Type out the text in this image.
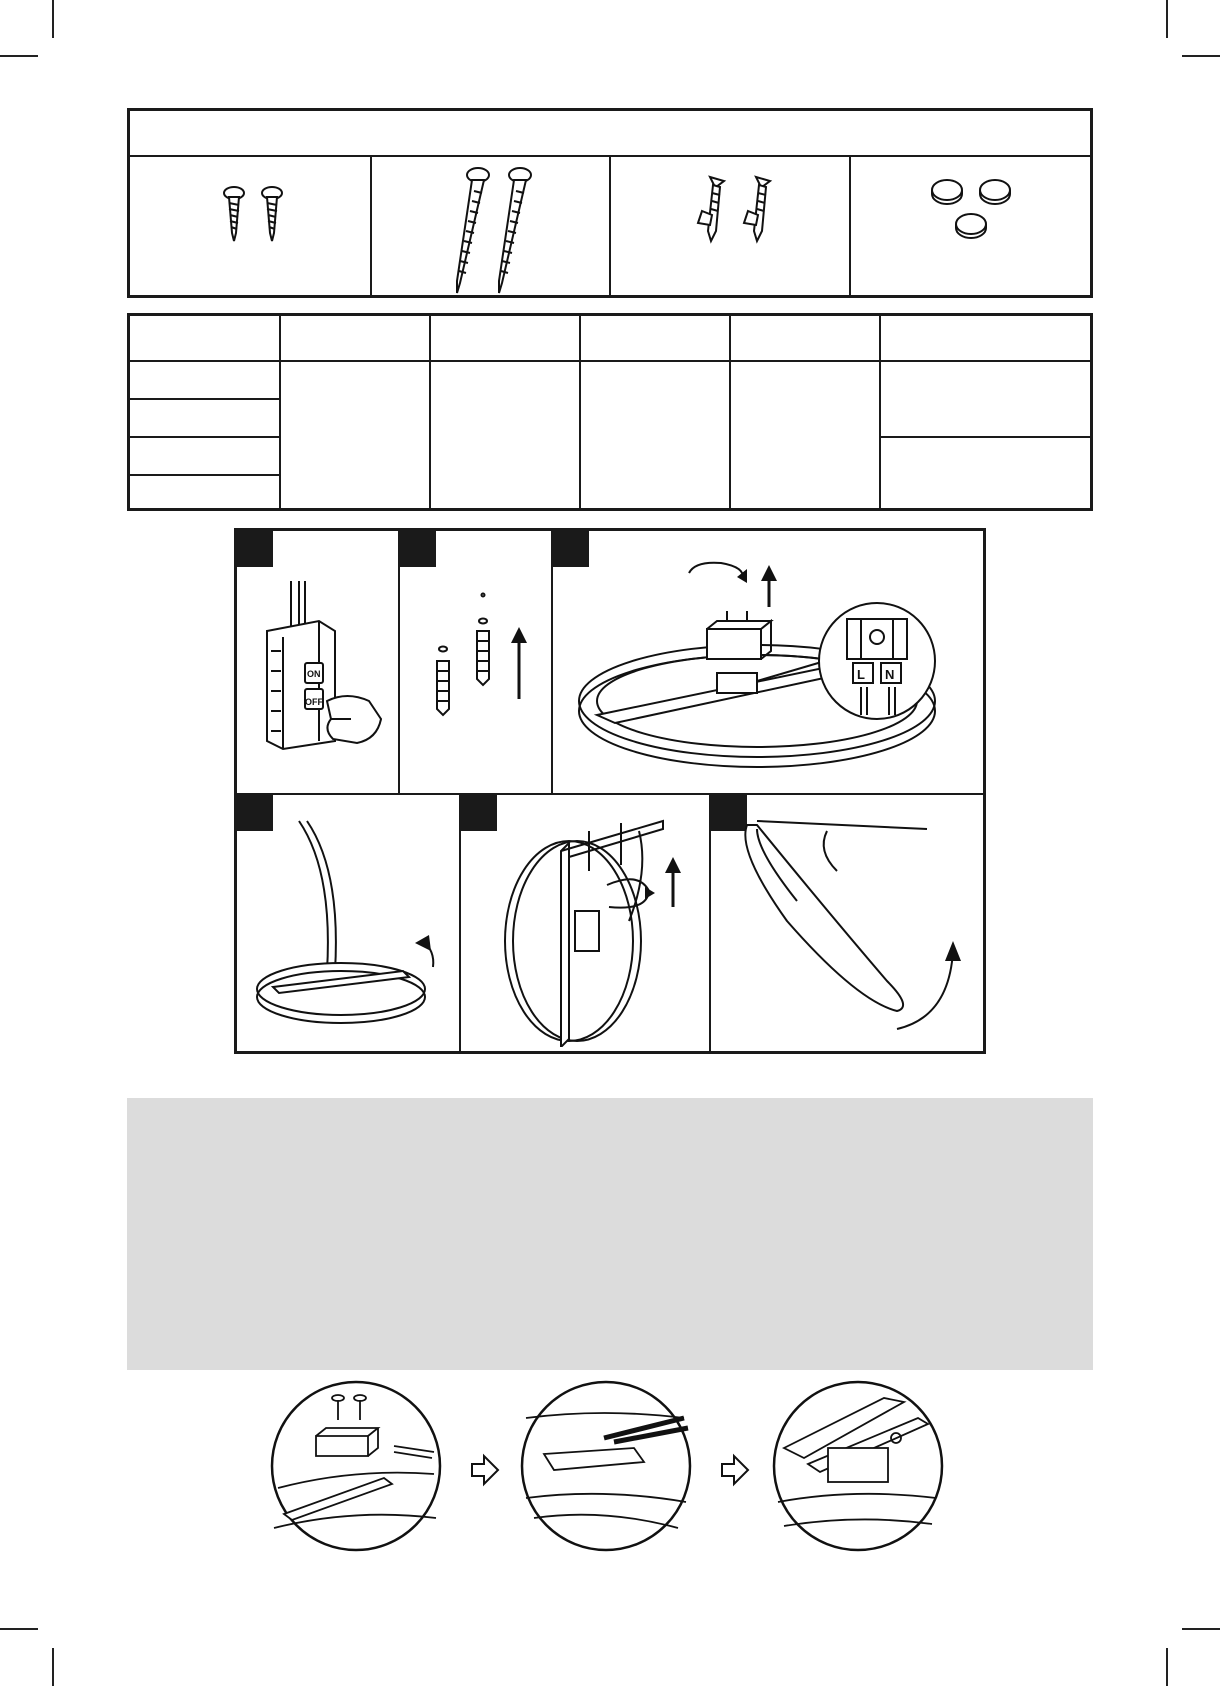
ON
OFF
L N
